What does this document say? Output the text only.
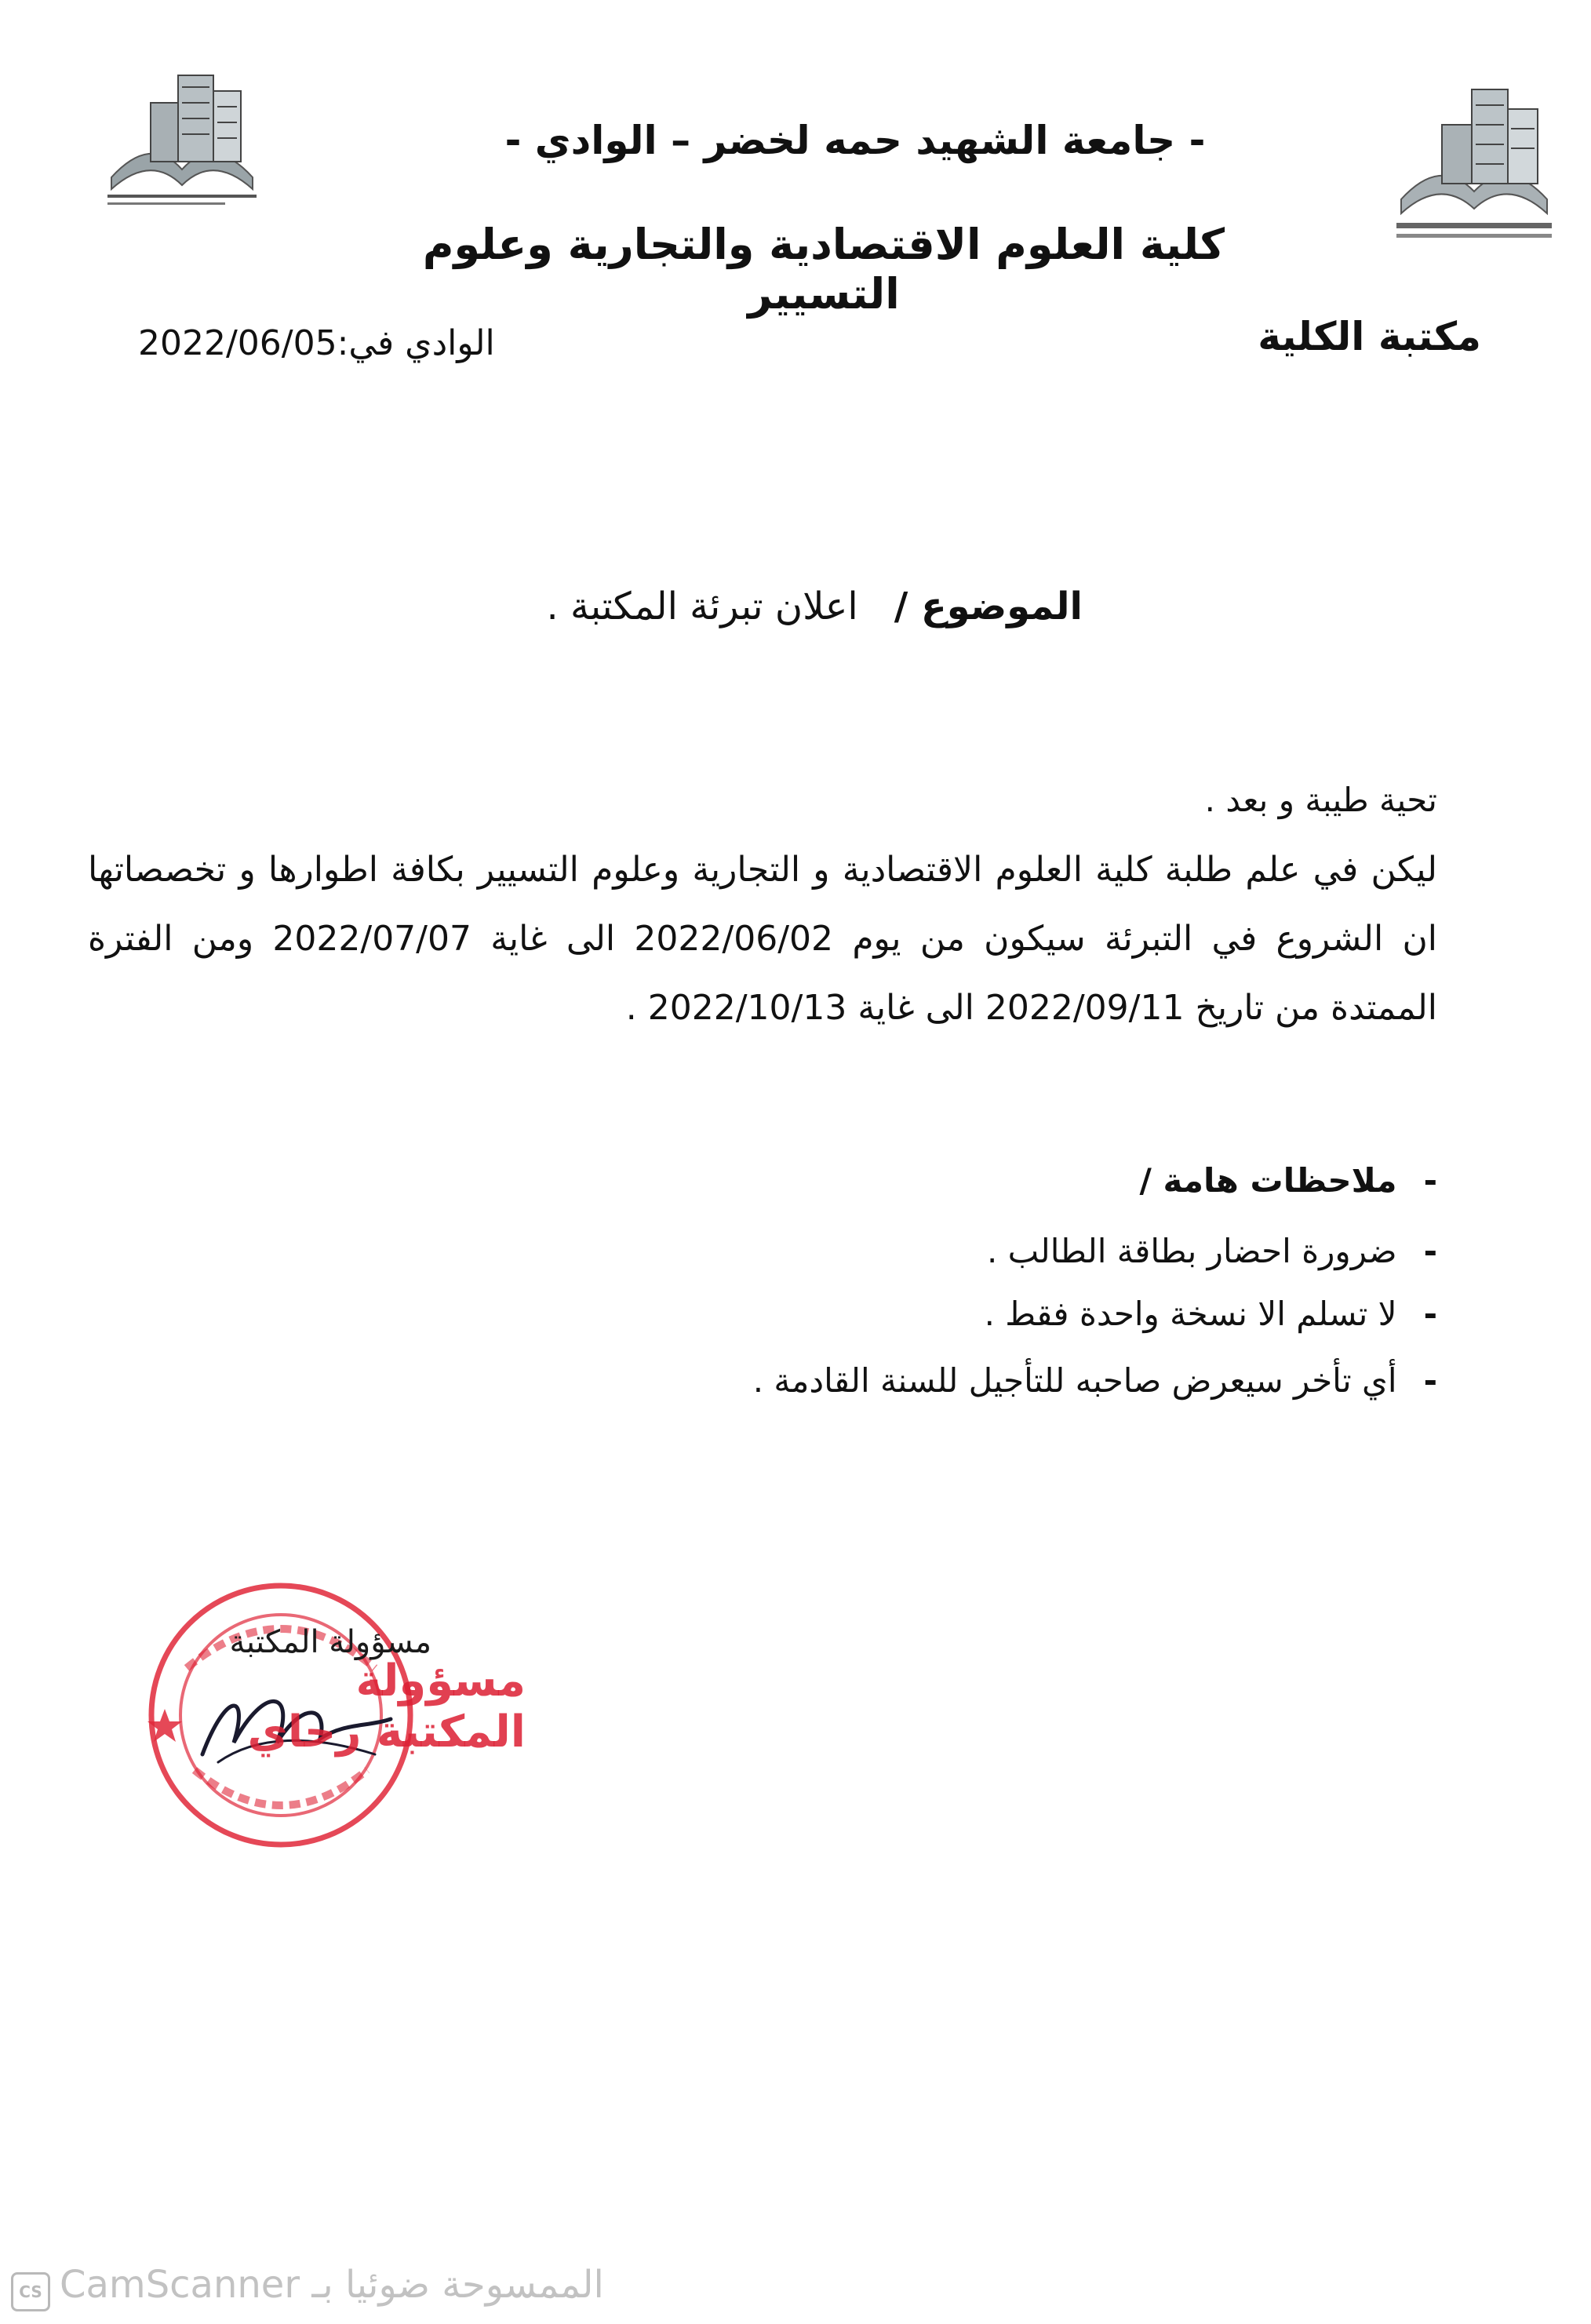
- جامعة الشهيد حمه لخضر – الوادي -
كلية العلوم الاقتصادية والتجارية وعلوم التسيير
مكتبة الكلية
الوادي في:2022/06/05
الموضوع /اعلان تبرئة المكتبة .
تحية طيبة و بعد .
ليكن في علم طلبة كلية العلوم الاقتصادية و التجارية وعلوم التسيير بكافة اطوارها و تخصصاتها ان الشروع في التبرئة سيكون من يوم 2022/06/02 الى غاية 2022/07/07 ومن الفترة الممتدة من تاريخ 2022/09/11 الى غاية 2022/10/13 .
-ملاحظات هامة /
-ضرورة احضار بطاقة الطالب .
-لا تسلم الا نسخة واحدة فقط .
-أي تأخر سيعرض صاحبه للتأجيل للسنة القادمة .
مسؤولة المكتبة
مسؤولة المكتبة رحاي
CS الممسوحة ضوئيا بـ CamScanner
